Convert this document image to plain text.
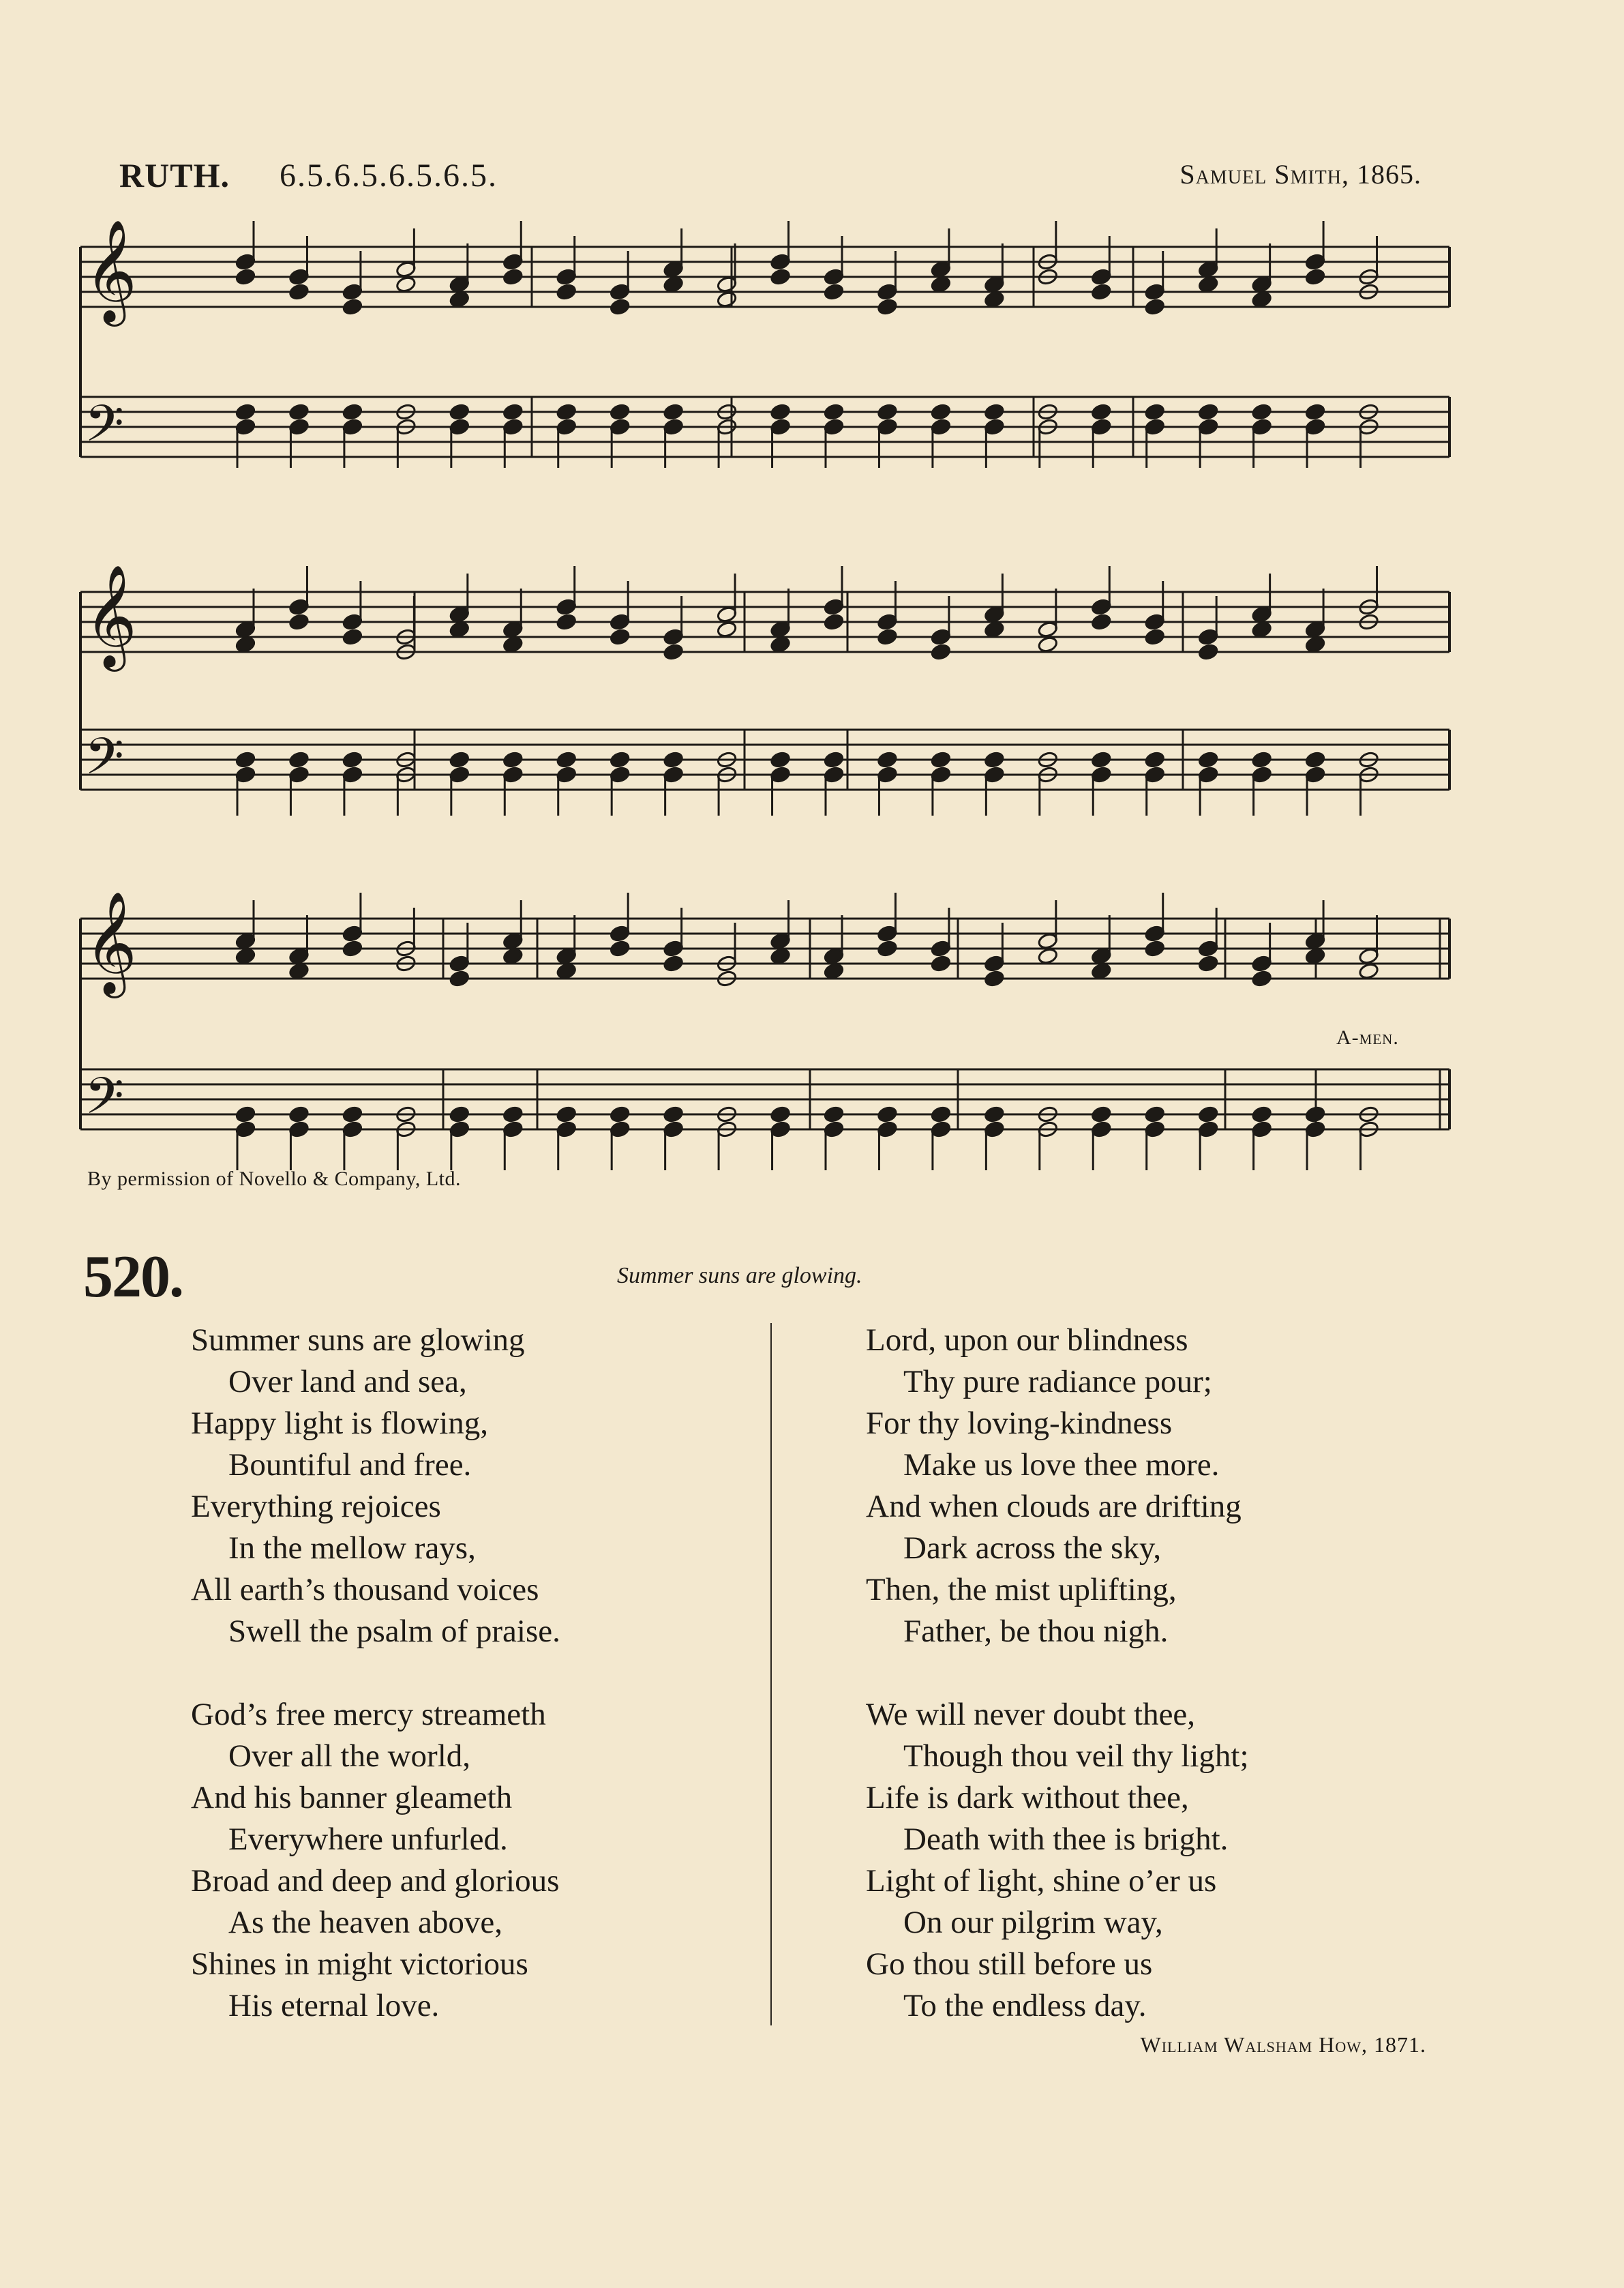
RUTH. 6.5.6.5.6.5.6.5.	Samuel Smith, 1865.
𝄞
𝄢
𝄞
𝄢
𝄞
𝄢
A-men.
By permission of Novello & Company, Ltd.
520.	Summer suns are glowing.
Summer suns are glowing
Over land and sea,
Happy light is flowing,
Bountiful and free.
Everything rejoices
In the mellow rays,
All earth’s thousand voices
Swell the psalm of praise.
God’s free mercy streameth
Over all the world,
And his banner gleameth
Everywhere unfurled.
Broad and deep and glorious
As the heaven above,
Shines in might victorious
His eternal love.
Lord, upon our blindness
Thy pure radiance pour;
For thy loving-kindness
Make us love thee more.
And when clouds are drifting
Dark across the sky,
Then, the mist uplifting,
Father, be thou nigh.
We will never doubt thee,
Though thou veil thy light;
Life is dark without thee,
Death with thee is bright.
Light of light, shine o’er us
On our pilgrim way,
Go thou still before us
To the endless day.
William Walsham How, 1871.
